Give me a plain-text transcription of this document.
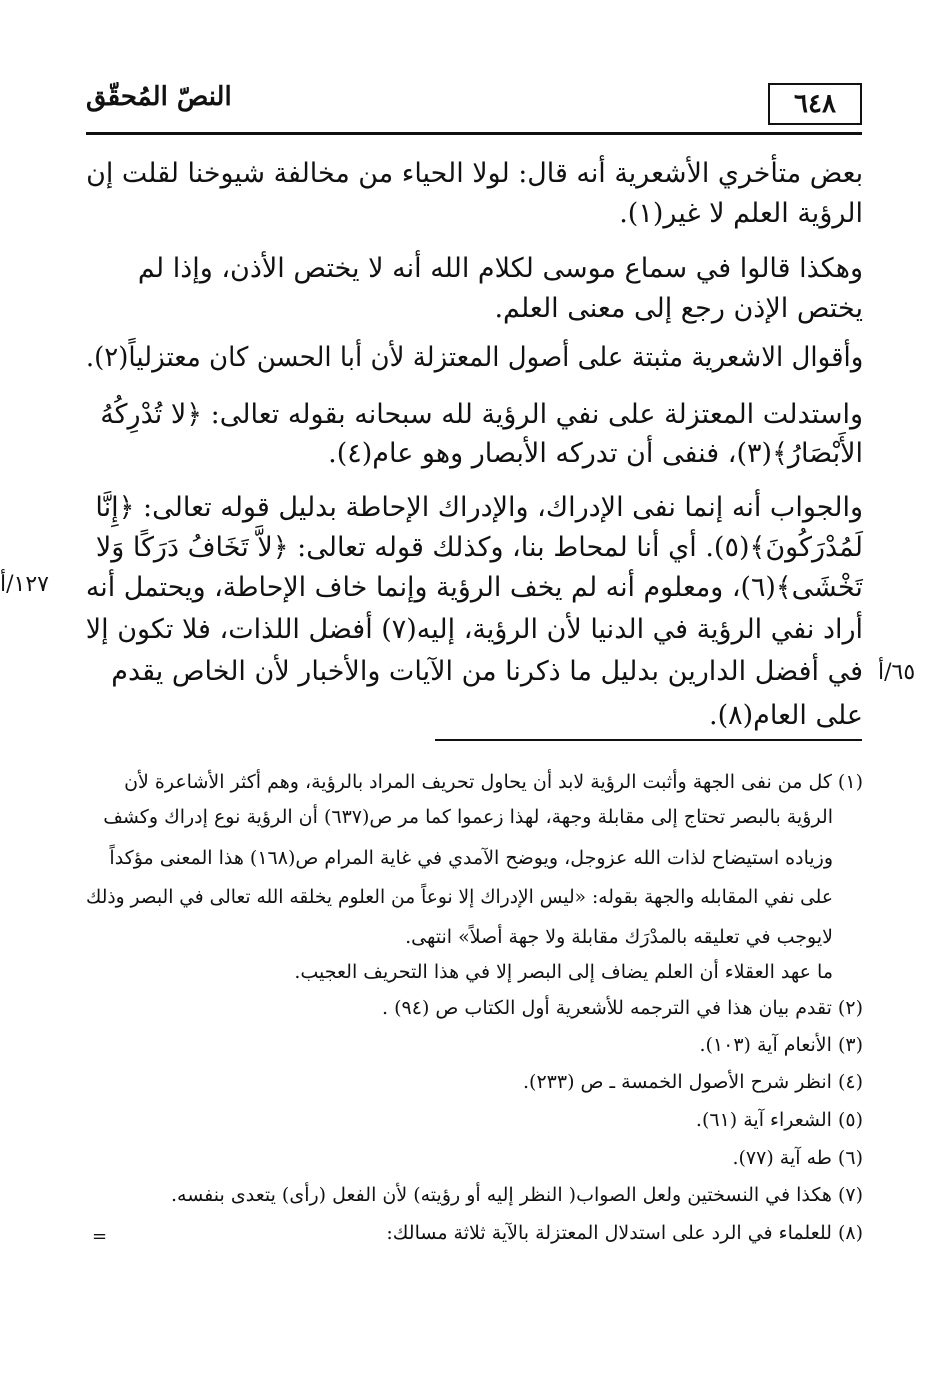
النصّ المُحقّق	٦٤٨
بعض متأخري الأشعرية أنه قال: لولا الحياء من مخالفة شيوخنا لقلت إن
الرؤية العلم لا غير(١).
وهكذا قالوا في سماع موسى لكلام الله أنه لا يختص الأذن، وإذا لم
يختص الإذن رجع إلى معنى العلم.
وأقوال الاشعرية مثبتة على أصول المعتزلة لأن أبا الحسن كان معتزلياً(٢).
واستدلت المعتزلة على نفي الرؤية لله سبحانه بقوله تعالى: ﴿لا تُدْرِكُهُ
الأَبْصَارُ﴾(٣)، فنفى أن تدركه الأبصار وهو عام(٤).
والجواب أنه إنما نفى الإدراك، والإدراك الإحاطة بدليل قوله تعالى: ﴿إِنَّا
لَمُدْرَكُونَ﴾(٥). أي أنا لمحاط بنا، وكذلك قوله تعالى: ﴿لاَّ تَخَافُ دَرَكًا وَلا
تَخْشَى﴾(٦)، ومعلوم أنه لم يخف الرؤية وإنما خاف الإحاطة، ويحتمل أنه
أراد نفي الرؤية في الدنيا لأن الرؤية، إليه(٧) أفضل اللذات، فلا تكون إلا
في أفضل الدارين بدليل ما ذكرنا من الآيات والأخبار لأن الخاص يقدم
على العام(٨).
١٢٧/أ
٦٥/أ
(١) كل من نفى الجهة وأثبت الرؤية لابد أن يحاول تحريف المراد بالرؤية، وهم أكثر الأشاعرة لأن
الرؤية بالبصر تحتاج إلى مقابلة وجهة، لهذا زعموا كما مر ص(٦٣٧) أن الرؤية نوع إدراك وكشف
وزياده استيضاح لذات الله عزوجل، ويوضح الآمدي في غاية المرام ص(١٦٨) هذا المعنى مؤكداً
على نفي المقابله والجهة بقوله: «ليس الإدراك إلا نوعاً من العلوم يخلقه الله تعالى في البصر وذلك
لايوجب في تعليقه بالمدْرَك مقابلة ولا جهة أصلاً» انتهى.
ما عهد العقلاء أن العلم يضاف إلى البصر إلا في هذا التحريف العجيب.
(٢) تقدم بيان هذا في الترجمه للأشعرية أول الكتاب ص (٩٤) .
(٣) الأنعام آية (١٠٣).
(٤) انظر شرح الأصول الخمسة ـ ص (٢٣٣).
(٥) الشعراء آية (٦١).
(٦) طه آية (٧٧).
(٧) هكذا في النسختين ولعل الصواب( النظر إليه أو رؤيته) لأن الفعل (رأى) يتعدى بنفسه.
(٨) للعلماء في الرد على استدلال المعتزلة بالآية ثلاثة مسالك:
=
